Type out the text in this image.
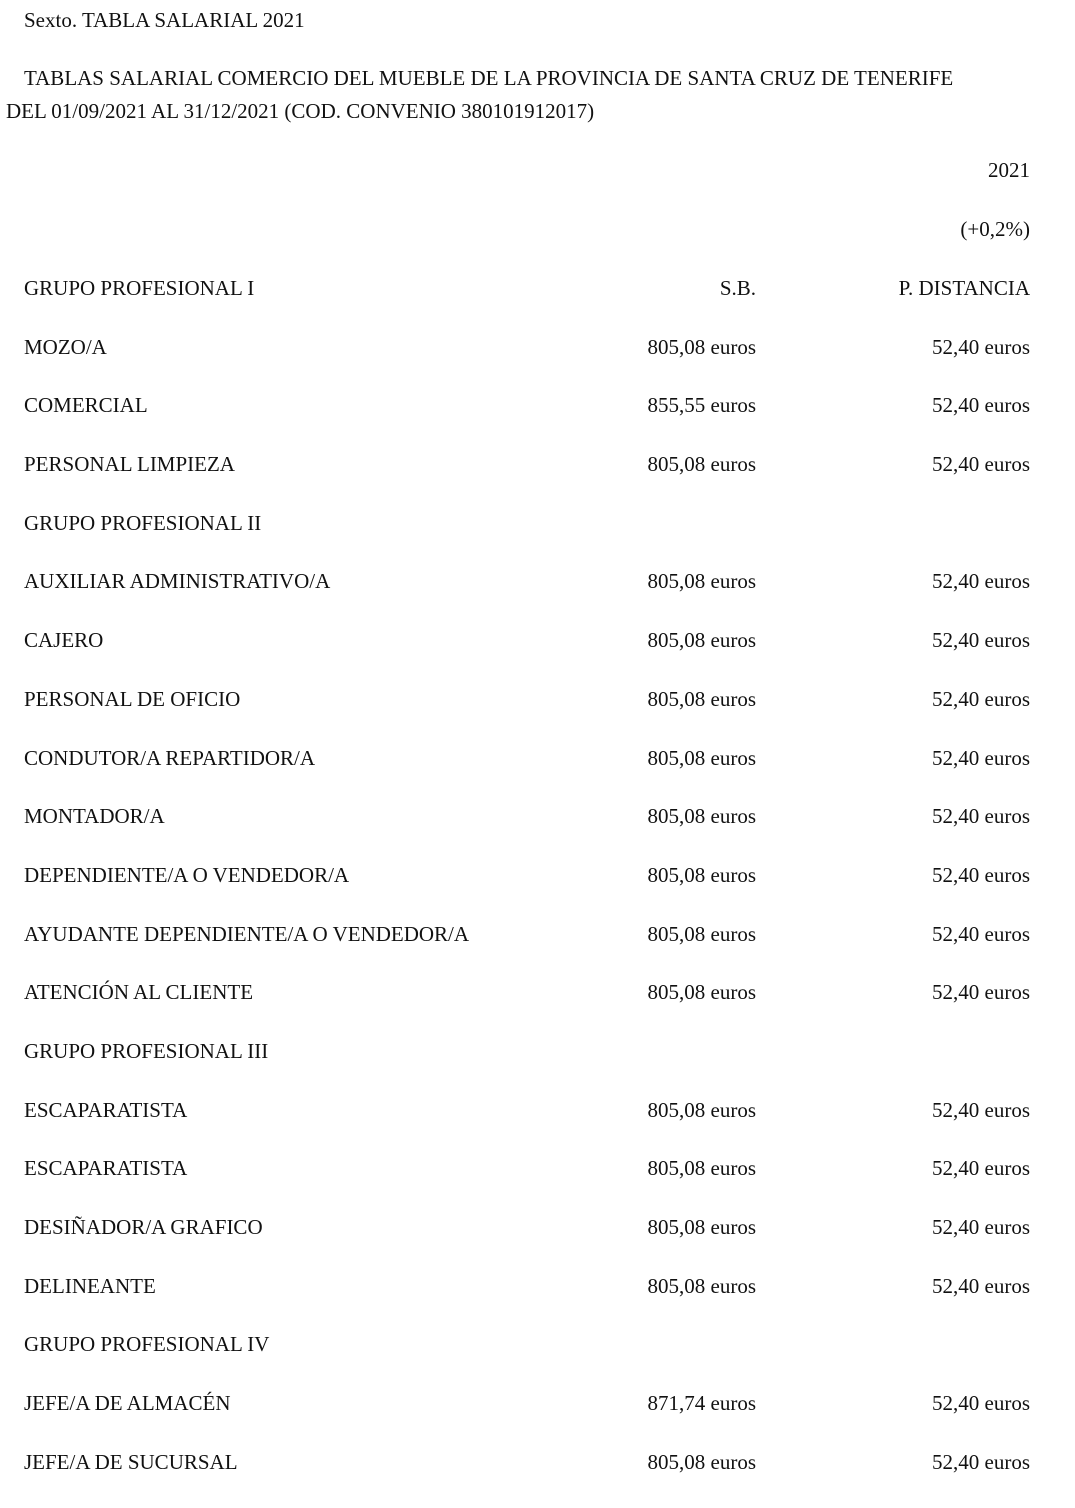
Sexto. TABLA SALARIAL 2021
TABLAS SALARIAL COMERCIO DEL MUEBLE DE LA PROVINCIA DE SANTA CRUZ DE TENERIFE
DEL 01/09/2021 AL 31/12/2021 (COD. CONVENIO 380101912017)
2021
(+0,2%)
GRUPO PROFESIONAL I	S.B.	P. DISTANCIA
MOZO/A	805,08 euros	52,40 euros
COMERCIAL	855,55 euros	52,40 euros
PERSONAL LIMPIEZA	805,08 euros	52,40 euros
GRUPO PROFESIONAL II
AUXILIAR ADMINISTRATIVO/A	805,08 euros	52,40 euros
CAJERO	805,08 euros	52,40 euros
PERSONAL DE OFICIO	805,08 euros	52,40 euros
CONDUTOR/A REPARTIDOR/A	805,08 euros	52,40 euros
MONTADOR/A	805,08 euros	52,40 euros
DEPENDIENTE/A O VENDEDOR/A	805,08 euros	52,40 euros
AYUDANTE DEPENDIENTE/A O VENDEDOR/A	805,08 euros	52,40 euros
ATENCIÓN AL CLIENTE	805,08 euros	52,40 euros
GRUPO PROFESIONAL III
ESCAPARATISTA	805,08 euros	52,40 euros
ESCAPARATISTA	805,08 euros	52,40 euros
DESIÑADOR/A GRAFICO	805,08 euros	52,40 euros
DELINEANTE	805,08 euros	52,40 euros
GRUPO PROFESIONAL IV
JEFE/A DE ALMACÉN	871,74 euros	52,40 euros
JEFE/A DE SUCURSAL	805,08 euros	52,40 euros
